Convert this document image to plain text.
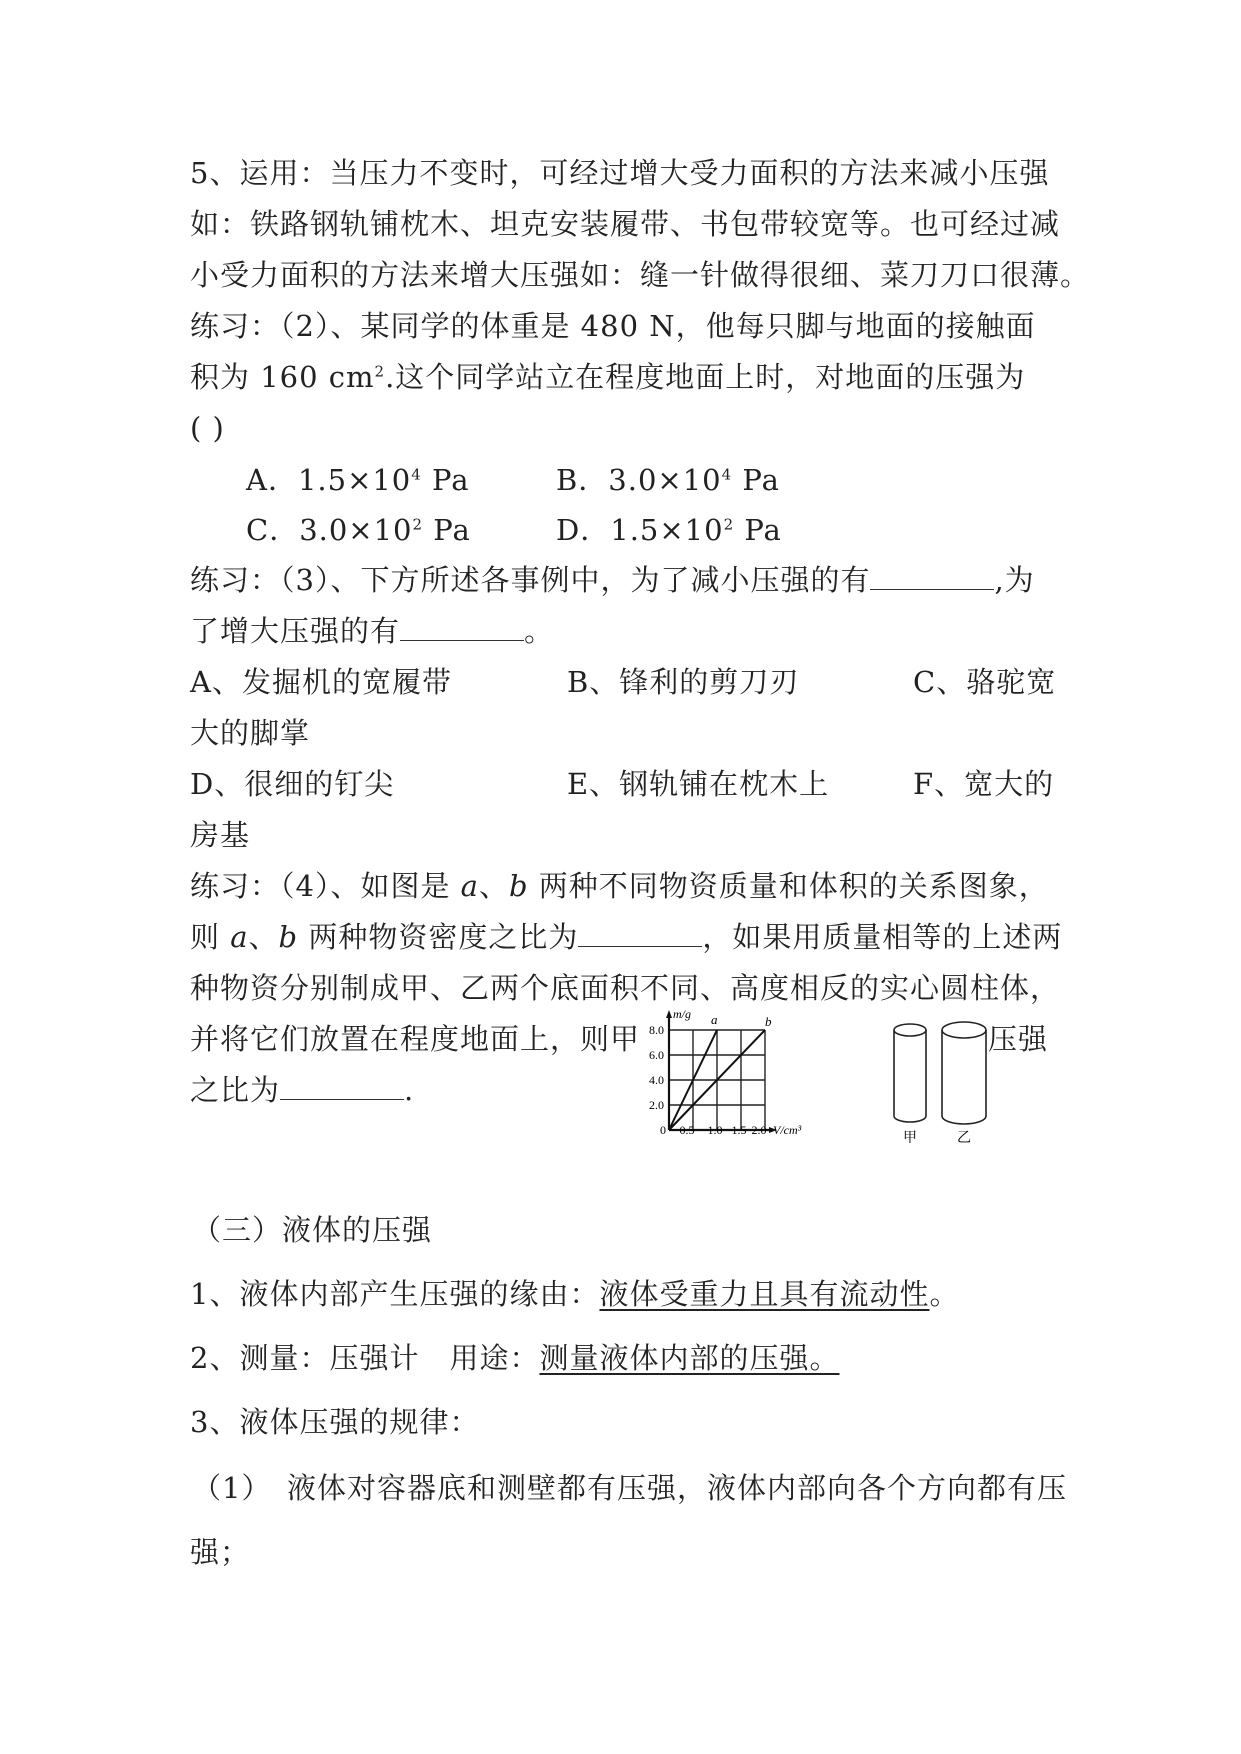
5、运用：当压力不变时，可经过增大受力面积的方法来减小压强
如：铁路钢轨铺枕木、坦克安装履带、书包带较宽等。也可经过减
小受力面积的方法来增大压强如：缝一针做得很细、菜刀刀口很薄。
练习：（2）、某同学的体重是 480 N，他每只脚与地面的接触面
积为 160 $cm^2$.这个同学站立在程度地面上时，对地面的压强为
( )
A．$1.5\times 10^4$ Pa	B．$3.0\times 10^4$ Pa
C．$3.0\times 10^2$ Pa	D．$1.5\times 10^2$ Pa
练习：（3）、下方所述各事例中，为了减小压强的有	,为
了增大压强的有	。
A、发掘机的宽履带	B、锋利的剪刀刃	C、骆驼宽
大的脚掌
D、很细的钉尖	E、钢轨铺在枕木上	F、宽大的
房基
练习：（4）、如图是 a、b 两种不同物资质量和体积的关系图象，
则 a、b 两种物资密度之比为	，如果用质量相等的上述两
种物资分别制成甲、乙两个底面积不同、高度相反的实心圆柱体，
并将它们放置在程度地面上，则甲	压强
之比为	.
m/g a	b
8.0
6.0
4.0
2.0
0 0.5 1.0 1.5 2.0 V/cm³	甲	乙
（三）液体的压强
1、液体内部产生压强的缘由：液体受重力且具有流动性。
2、测量：压强计　用途：测量液体内部的压强。
3、液体压强的规律：
（1）　液体对容器底和测壁都有压强，液体内部向各个方向都有压
强；
